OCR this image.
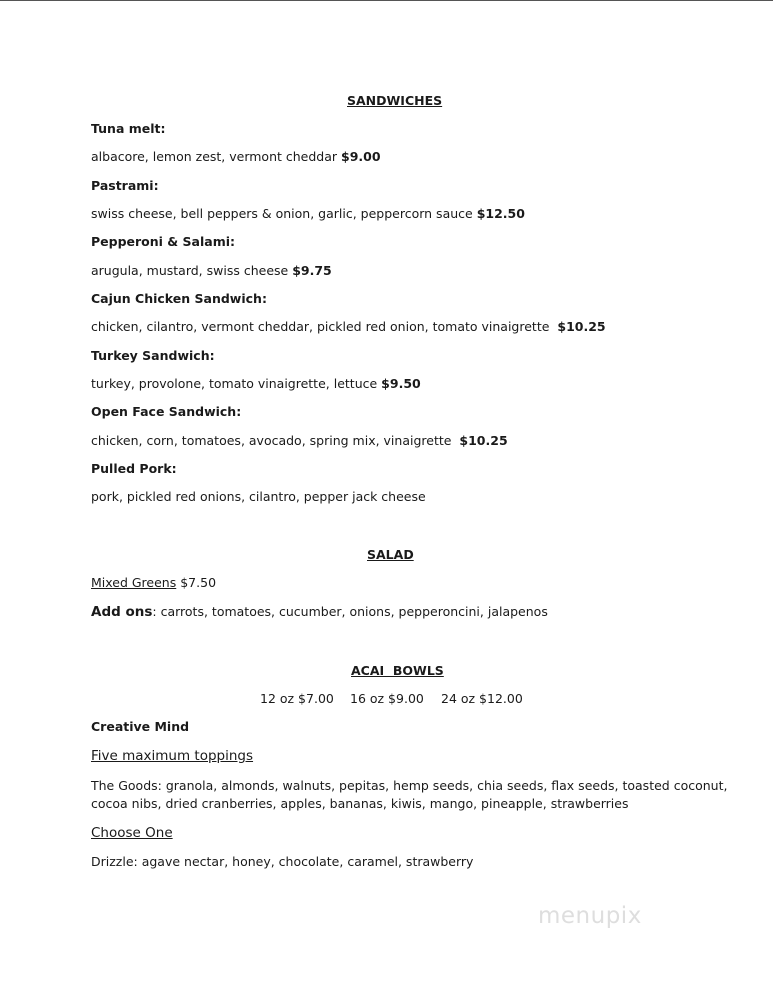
SANDWICHES
Tuna melt:
albacore, lemon zest, vermont cheddar $9.00
Pastrami:
swiss cheese, bell peppers & onion, garlic, peppercorn sauce $12.50
Pepperoni & Salami:
arugula, mustard, swiss cheese $9.75
Cajun Chicken Sandwich:
chicken, cilantro, vermont cheddar, pickled red onion, tomato vinaigrette $10.25
Turkey Sandwich:
turkey, provolone, tomato vinaigrette, lettuce $9.50
Open Face Sandwich:
chicken, corn, tomatoes, avocado, spring mix, vinaigrette $10.25
Pulled Pork:
pork, pickled red onions, cilantro, pepper jack cheese
SALAD
Mixed Greens $7.50
Add ons: carrots, tomatoes, cucumber, onions, pepperoncini, jalapenos
ACAI  BOWLS
12 oz $7.00 16 oz $9.00 24 oz $12.00
Creative Mind
Five maximum toppings
The Goods: granola, almonds, walnuts, pepitas, hemp seeds, chia seeds, flax seeds, toasted coconut,
cocoa nibs, dried cranberries, apples, bananas, kiwis, mango, pineapple, strawberries
Choose One
Drizzle: agave nectar, honey, chocolate, caramel, strawberry
menupix
